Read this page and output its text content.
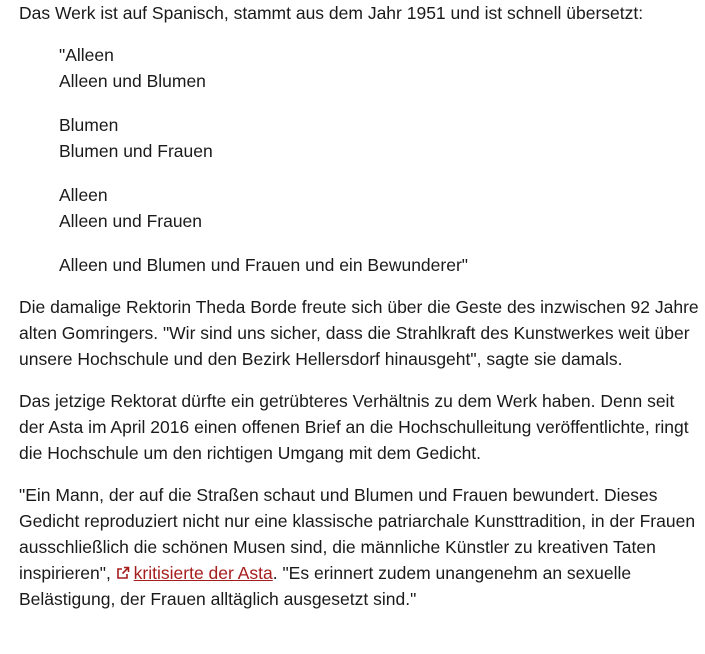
Das Werk ist auf Spanisch, stammt aus dem Jahr 1951 und ist schnell übersetzt:

"Alleen
Alleen und Blumen
Blumen
Blumen und Frauen
Alleen
Alleen und Frauen
Alleen und Blumen und Frauen und ein Bewunderer"

Die damalige Rektorin Theda Borde freute sich über die Geste des inzwischen 92 Jahre alten Gomringers. "Wir sind uns sicher, dass die Strahlkraft des Kunstwerkes weit über unsere Hochschule und den Bezirk Hellersdorf hinausgeht", sagte sie damals.

Das jetzige Rektorat dürfte ein getrübteres Verhältnis zu dem Werk haben. Denn seit der Asta im April 2016 einen offenen Brief an die Hochschulleitung veröffentlichte, ringt die Hochschule um den richtigen Umgang mit dem Gedicht.

"Ein Mann, der auf die Straßen schaut und Blumen und Frauen bewundert. Dieses Gedicht reproduziert nicht nur eine klassische patriarchale Kunsttradition, in der Frauen ausschließlich die schönen Musen sind, die männliche Künstler zu kreativen Taten inspirieren", kritisierte der Asta. "Es erinnert zudem unangenehm an sexuelle Belästigung, der Frauen alltäglich ausgesetzt sind."
